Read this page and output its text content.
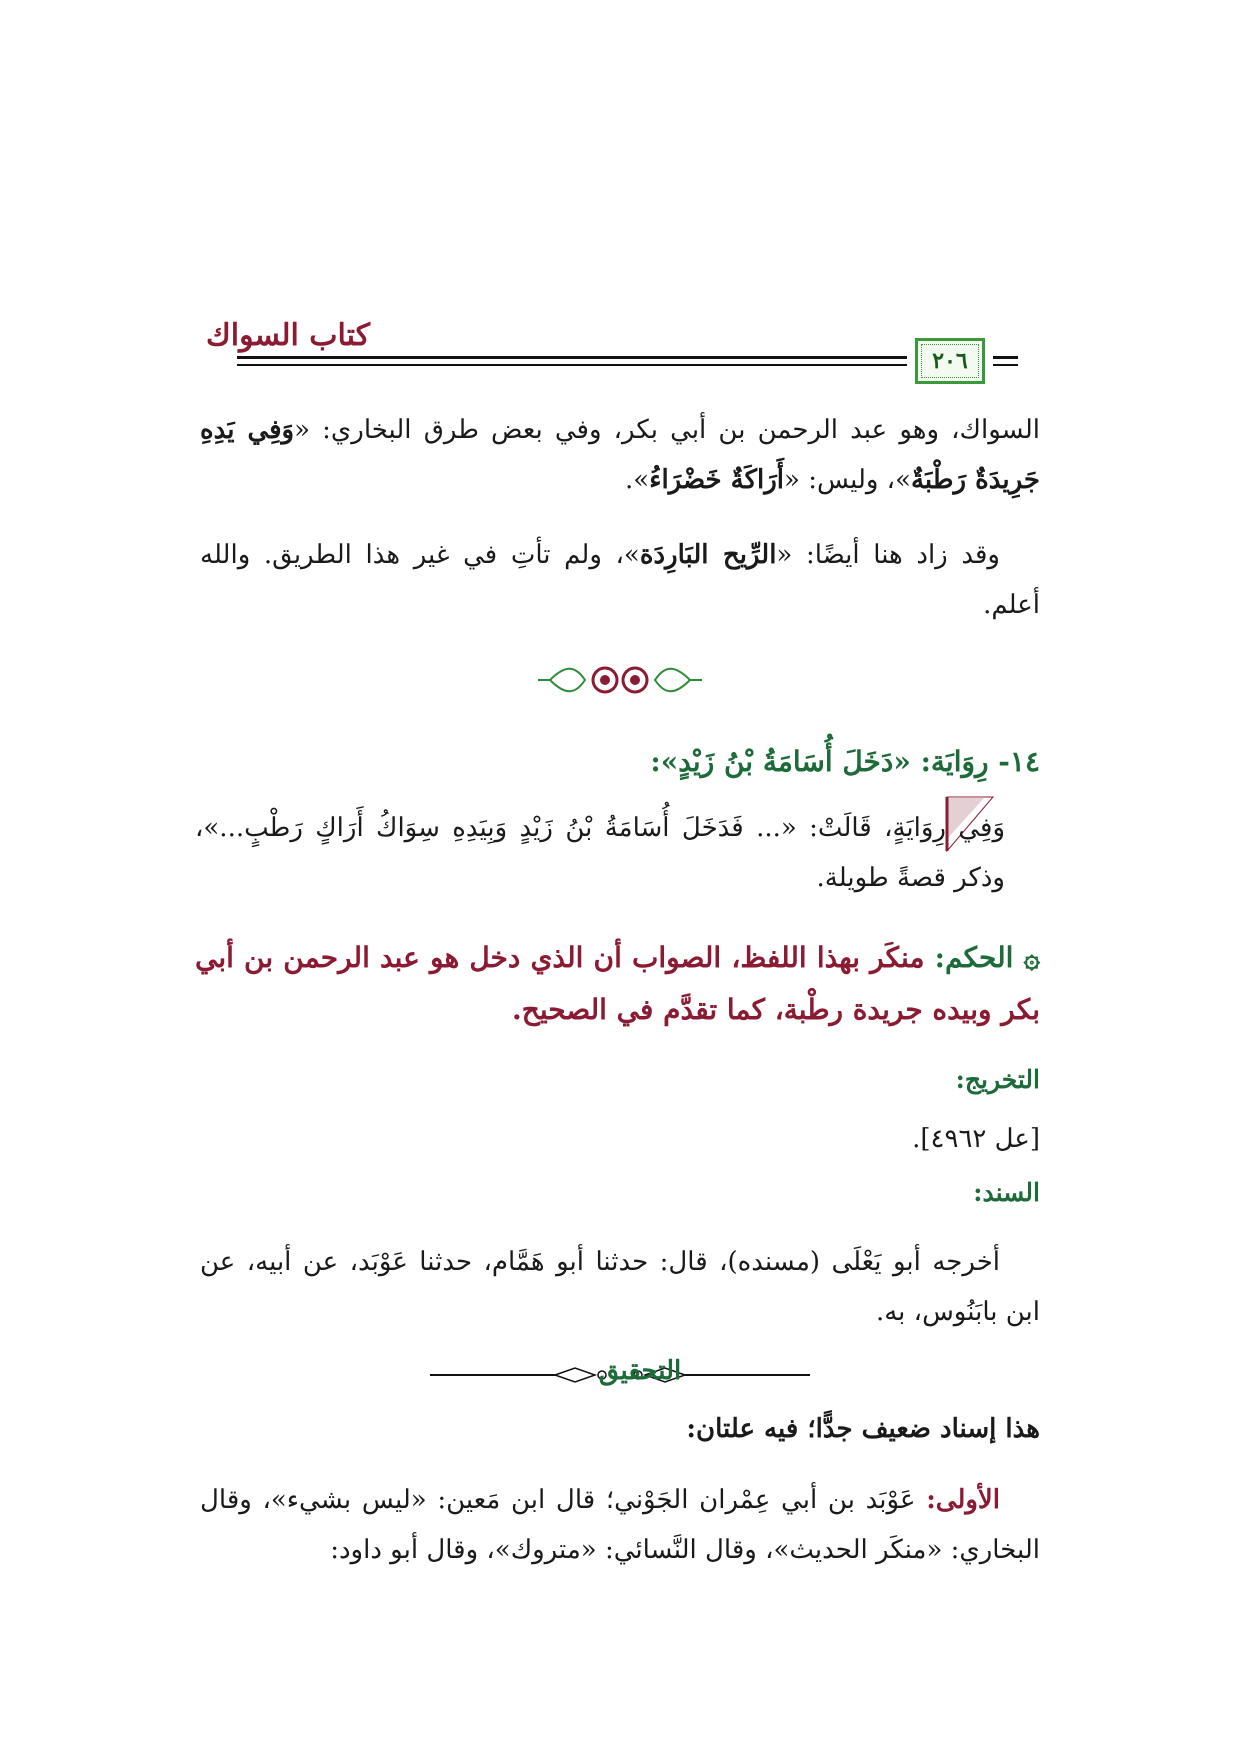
كتاب السواك
٢٠٦
السواك، وهو عبد الرحمن بن أبي بكر، وفي بعض طرق البخاري: «وَفِي يَدِهِ جَرِيدَةٌ رَطْبَةٌ»، وليس: «أَرَاكَةٌ خَضْرَاءُ».
وقد زاد هنا أيضًا: «الرِّيح البَارِدَة»، ولم تأتِ في غير هذا الطريق. والله أعلم.
١٤- رِوَايَة: «دَخَلَ أُسَامَةُ بْنُ زَيْدٍ»:
وَفِي رِوَايَةٍ، قَالَتْ: «... فَدَخَلَ أُسَامَةُ بْنُ زَيْدٍ وَبِيَدِهِ سِوَاكُ أَرَاكٍ رَطْبٍ...»، وذكر قصةً طويلة.
۞ الحكم: منكَر بهذا اللفظ، الصواب أن الذي دخل هو عبد الرحمن بن أبي بكر وبيده جريدة رطْبة، كما تقدَّم في الصحيح.
التخريج:
[عل ٤٩٦٢].
السند:
أخرجه أبو يَعْلَى (مسنده)، قال: حدثنا أبو هَمَّام، حدثنا عَوْبَد، عن أبيه، عن ابن بابَنُوس، به.
التحقيق
هذا إسناد ضعيف جدًّا؛ فيه علتان:
الأولى: عَوْبَد بن أبي عِمْران الجَوْني؛ قال ابن مَعين: «ليس بشيء»، وقال البخاري: «منكَر الحديث»، وقال النَّسائي: «متروك»، وقال أبو داود:
